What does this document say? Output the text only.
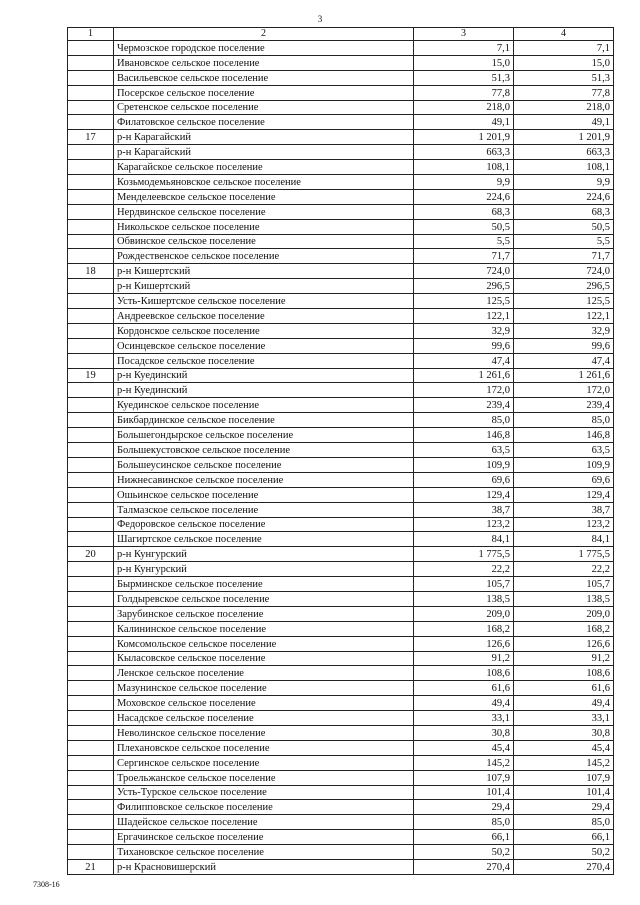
3
1	2	3	4
	Чермозское городское поселение	7,1	7,1
	Ивановское сельское поселение	15,0	15,0
	Васильевское сельское поселение	51,3	51,3
	Посерское сельское поселение	77,8	77,8
	Сретенское сельское поселение	218,0	218,0
	Филатовское сельское поселение	49,1	49,1
17	р-н Карагайский	1 201,9	1 201,9
	р-н Карагайский	663,3	663,3
	Карагайское сельское поселение	108,1	108,1
	Козьмодемьяновское сельское поселение	9,9	9,9
	Менделеевское сельское поселение	224,6	224,6
	Нердвинское сельское поселение	68,3	68,3
	Никольское сельское поселение	50,5	50,5
	Обвинское сельское поселение	5,5	5,5
	Рождественское сельское поселение	71,7	71,7
18	р-н Кишертский	724,0	724,0
	р-н Кишертский	296,5	296,5
	Усть-Кишертское сельское поселение	125,5	125,5
	Андреевское сельское поселение	122,1	122,1
	Кордонское сельское поселение	32,9	32,9
	Осинцевское сельское поселение	99,6	99,6
	Посадское сельское поселение	47,4	47,4
19	р-н Куединский	1 261,6	1 261,6
	р-н Куединский	172,0	172,0
	Куединское сельское поселение	239,4	239,4
	Бикбардинское сельское поселение	85,0	85,0
	Большегондырское сельское поселение	146,8	146,8
	Большекустовское сельское поселение	63,5	63,5
	Большеусинское сельское поселение	109,9	109,9
	Нижнесавинское сельское поселение	69,6	69,6
	Ошьинское сельское поселение	129,4	129,4
	Талмазское сельское поселение	38,7	38,7
	Федоровское сельское поселение	123,2	123,2
	Шагиртское сельское поселение	84,1	84,1
20	р-н Кунгурский	1 775,5	1 775,5
	р-н Кунгурский	22,2	22,2
	Бырминское сельское поселение	105,7	105,7
	Голдыревское сельское поселение	138,5	138,5
	Зарубинское сельское поселение	209,0	209,0
	Калининское сельское поселение	168,2	168,2
	Комсомольское сельское поселение	126,6	126,6
	Кыласовское сельское поселение	91,2	91,2
	Ленское сельское поселение	108,6	108,6
	Мазунинское сельское поселение	61,6	61,6
	Моховское сельское поселение	49,4	49,4
	Насадское сельское поселение	33,1	33,1
	Неволинское сельское поселение	30,8	30,8
	Плехановское сельское поселение	45,4	45,4
	Сергинское сельское поселение	145,2	145,2
	Троельжанское сельское поселение	107,9	107,9
	Усть-Турское сельское поселение	101,4	101,4
	Филипповское сельское поселение	29,4	29,4
	Шадейское сельское поселение	85,0	85,0
	Ергачинское сельское поселение	66,1	66,1
	Тихановское сельское поселение	50,2	50,2
21	р-н Красновишерский	270,4	270,4
7308-16
